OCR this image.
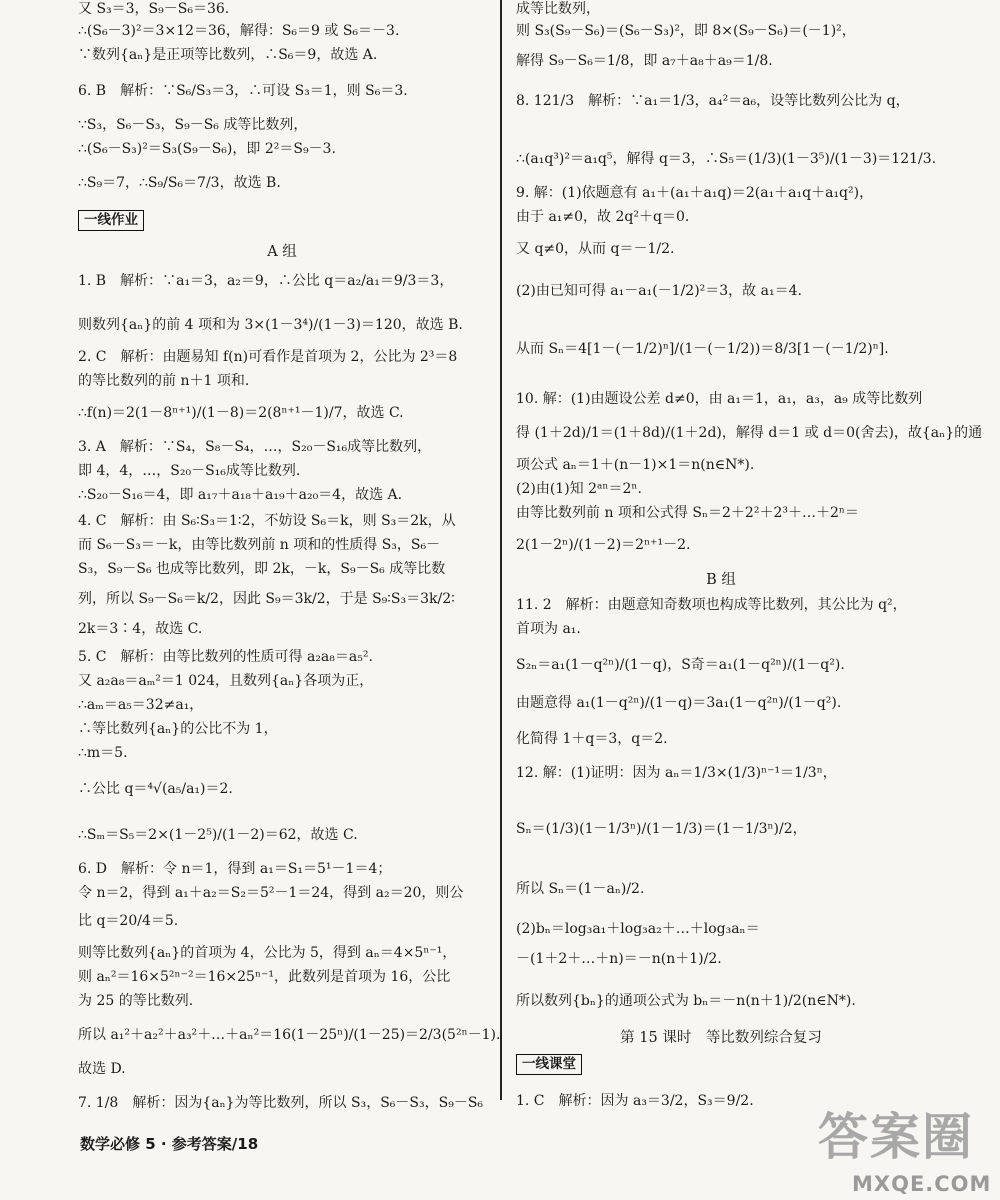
又 S₃＝3，S₉－S₆＝36.
∴(S₆－3)²＝3×12＝36，解得：S₆＝9 或 S₆＝－3.
∵数列{aₙ}是正项等比数列，∴S₆＝9，故选 A.
6. B　解析：∵S₆/S₃＝3，∴可设 S₃＝1，则 S₆＝3.
∵S₃，S₆－S₃，S₉－S₆ 成等比数列，
∴(S₆－S₃)²＝S₃(S₉－S₆)，即 2²＝S₉－3.
∴S₉＝7，∴S₉/S₆＝7/3，故选 B.
一线作业
A 组
1. B　解析：∵a₁＝3，a₂＝9，∴公比 q＝a₂/a₁＝9/3＝3，
则数列{aₙ}的前 4 项和为 3×(1－3⁴)/(1－3)＝120，故选 B.
2. C　解析：由题易知 f(n)可看作是首项为 2，公比为 2³＝8
的等比数列的前 n＋1 项和.
∴f(n)＝2(1－8ⁿ⁺¹)/(1－8)＝2(8ⁿ⁺¹－1)/7，故选 C.
3. A　解析：∵S₄，S₈－S₄，…，S₂₀－S₁₆成等比数列，
即 4，4，…，S₂₀－S₁₆成等比数列.
∴S₂₀－S₁₆＝4，即 a₁₇＋a₁₈＋a₁₉＋a₂₀＝4，故选 A.
4. C　解析：由 S₆∶S₃＝1∶2，不妨设 S₆＝k，则 S₃＝2k，从
而 S₆－S₃＝－k，由等比数列前 n 项和的性质得 S₃，S₆－
S₃，S₉－S₆ 也成等比数列，即 2k，－k，S₉－S₆ 成等比数
列，所以 S₉－S₆＝k/2，因此 S₉＝3k/2，于是 S₉∶S₃＝3k/2∶
2k＝3∶4，故选 C.
5. C　解析：由等比数列的性质可得 a₂a₈＝a₅².
又 a₂a₈＝aₘ²＝1 024，且数列{aₙ}各项为正，
∴aₘ＝a₅＝32≠a₁，
∴等比数列{aₙ}的公比不为 1，
∴m＝5.
∴公比 q＝⁴√(a₅/a₁)＝2.
∴Sₘ＝S₅＝2×(1－2⁵)/(1－2)＝62，故选 C.
6. D　解析：令 n＝1，得到 a₁＝S₁＝5¹－1＝4；
令 n＝2，得到 a₁＋a₂＝S₂＝5²－1＝24，得到 a₂＝20，则公
比 q＝20/4＝5.
则等比数列{aₙ}的首项为 4，公比为 5，得到 aₙ＝4×5ⁿ⁻¹，
则 aₙ²＝16×5²ⁿ⁻²＝16×25ⁿ⁻¹，此数列是首项为 16，公比
为 25 的等比数列.
所以 a₁²＋a₂²＋a₃²＋…＋aₙ²＝16(1－25ⁿ)/(1－25)＝2/3(5²ⁿ－1).
故选 D.
7. 1/8　解析：因为{aₙ}为等比数列，所以 S₃，S₆－S₃，S₉－S₆
成等比数列，
则 S₃(S₉－S₆)＝(S₆－S₃)²，即 8×(S₉－S₆)＝(－1)²，
解得 S₉－S₆＝1/8，即 a₇＋a₈＋a₉＝1/8.
8. 121/3　解析：∵a₁＝1/3，a₄²＝a₆，设等比数列公比为 q，
∴(a₁q³)²＝a₁q⁵，解得 q＝3，∴S₅＝(1/3)(1－3⁵)/(1－3)＝121/3.
9. 解：(1)依题意有 a₁＋(a₁＋a₁q)＝2(a₁＋a₁q＋a₁q²)，
由于 a₁≠0，故 2q²＋q＝0.
又 q≠0，从而 q＝－1/2.
(2)由已知可得 a₁－a₁(－1/2)²＝3，故 a₁＝4.
从而 Sₙ＝4[1－(－1/2)ⁿ]/(1－(－1/2))＝8/3[1－(－1/2)ⁿ].
10. 解：(1)由题设公差 d≠0，由 a₁＝1，a₁，a₃，a₉ 成等比数列
得 (1＋2d)/1＝(1＋8d)/(1＋2d)，解得 d＝1 或 d＝0(舍去)，故{aₙ}的通
项公式 aₙ＝1＋(n－1)×1＝n(n∈N*).
(2)由(1)知 2ᵃⁿ＝2ⁿ.
由等比数列前 n 项和公式得 Sₙ＝2＋2²＋2³＋…＋2ⁿ＝
2(1－2ⁿ)/(1－2)＝2ⁿ⁺¹－2.
B 组
11. 2　解析：由题意知奇数项也构成等比数列，其公比为 q²，
首项为 a₁.
S₂ₙ＝a₁(1－q²ⁿ)/(1－q)，S奇＝a₁(1－q²ⁿ)/(1－q²).
由题意得 a₁(1－q²ⁿ)/(1－q)＝3a₁(1－q²ⁿ)/(1－q²).
化简得 1＋q＝3，q＝2.
12. 解：(1)证明：因为 aₙ＝1/3×(1/3)ⁿ⁻¹＝1/3ⁿ，
Sₙ＝(1/3)(1－1/3ⁿ)/(1－1/3)＝(1－1/3ⁿ)/2，
所以 Sₙ＝(1－aₙ)/2.
(2)bₙ＝log₃a₁＋log₃a₂＋…＋log₃aₙ＝
－(1＋2＋…＋n)＝－n(n＋1)/2.
所以数列{bₙ}的通项公式为 bₙ＝－n(n＋1)/2(n∈N*).
第 15 课时　等比数列综合复习
一线课堂
1. C　解析：因为 a₃＝3/2，S₃＝9/2.
数学必修 5 · 参考答案/18	答案圈
MXQE.COM
